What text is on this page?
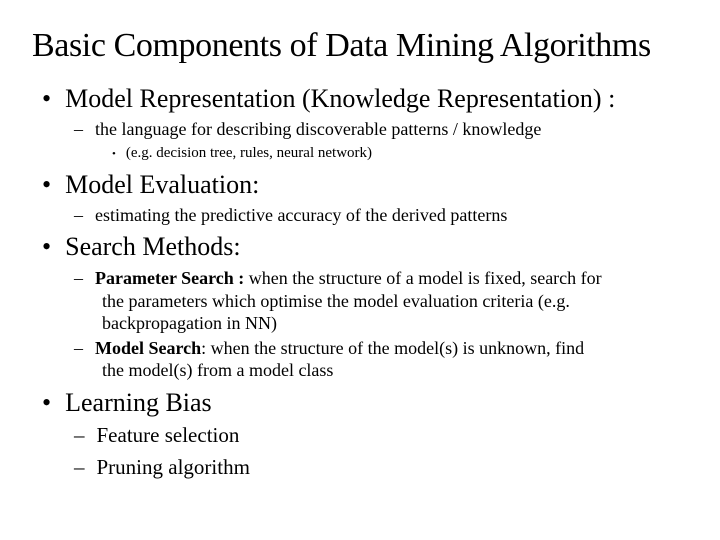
Basic Components of Data Mining Algorithms
• Model Representation (Knowledge Representation) :
– the language for describing discoverable patterns / knowledge
• (e.g. decision tree, rules, neural network)
• Model Evaluation:
– estimating the predictive accuracy of the derived patterns
• Search Methods:
– Parameter Search : when the structure of a model is fixed, search for
the parameters which optimise the model evaluation criteria (e.g.
backpropagation in NN)
– Model Search: when the structure of the model(s) is unknown, find
the model(s) from a model class
• Learning Bias
– Feature selection
– Pruning algorithm
